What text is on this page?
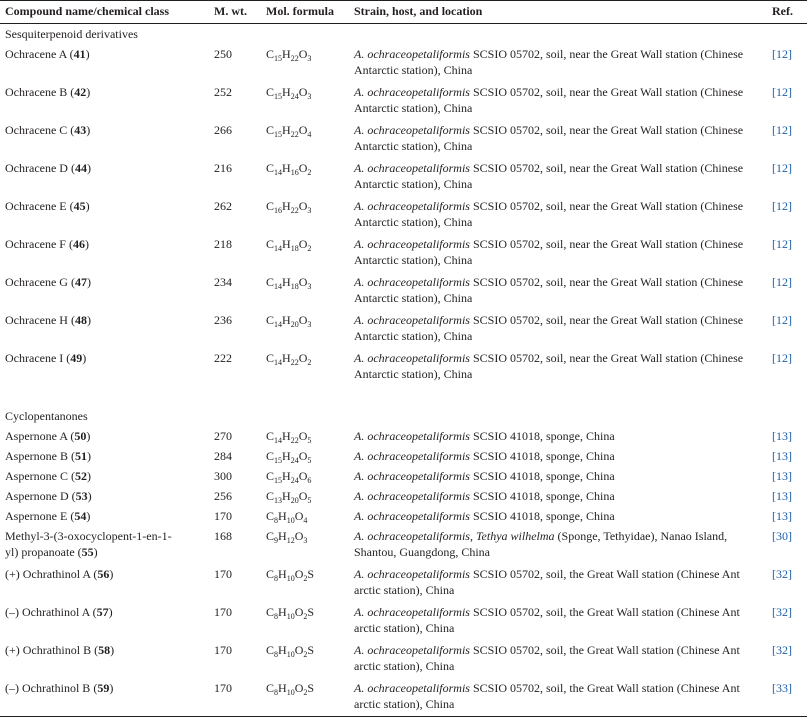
Compound name/chemical class	M. wt.	Mol. formula	Strain, host, and location	Ref.
Sesquiterpenoid derivatives				
Ochracene A (41)	250	$C_{15}H_{22}O_3$	A. ochraceopetaliformis SCSIO 05702, soil, near the Great Wall station (Chinese Antarctic station), China	[12]
Ochracene B (42)	252	$C_{15}H_{24}O_3$	A. ochraceopetaliformis SCSIO 05702, soil, near the Great Wall station (Chinese Antarctic station), China	[12]
Ochracene C (43)	266	$C_{15}H_{22}O_4$	A. ochraceopetaliformis SCSIO 05702, soil, near the Great Wall station (Chinese Antarctic station), China	[12]
Ochracene D (44)	216	$C_{14}H_{16}O_2$	A. ochraceopetaliformis SCSIO 05702, soil, near the Great Wall station (Chinese Antarctic station), China	[12]
Ochracene E (45)	262	$C_{16}H_{22}O_3$	A. ochraceopetaliformis SCSIO 05702, soil, near the Great Wall station (Chinese Antarctic station), China	[12]
Ochracene F (46)	218	$C_{14}H_{18}O_2$	A. ochraceopetaliformis SCSIO 05702, soil, near the Great Wall station (Chinese Antarctic station), China	[12]
Ochracene G (47)	234	$C_{14}H_{18}O_3$	A. ochraceopetaliformis SCSIO 05702, soil, near the Great Wall station (Chinese Antarctic station), China	[12]
Ochracene H (48)	236	$C_{14}H_{20}O_3$	A. ochraceopetaliformis SCSIO 05702, soil, near the Great Wall station (Chinese Antarctic station), China	[12]
Ochracene I (49)	222	$C_{14}H_{22}O_2$	A. ochraceopetaliformis SCSIO 05702, soil, near the Great Wall station (Chinese Antarctic station), China	[12]

Cyclopentanones				
Aspernone A (50)	270	$C_{14}H_{22}O_5$	A. ochraceopetaliformis SCSIO 41018, sponge, China	[13]
Aspernone B (51)	284	$C_{15}H_{24}O_5$	A. ochraceopetaliformis SCSIO 41018, sponge, China	[13]
Aspernone C (52)	300	$C_{15}H_{24}O_6$	A. ochraceopetaliformis SCSIO 41018, sponge, China	[13]
Aspernone D (53)	256	$C_{13}H_{20}O_5$	A. ochraceopetaliformis SCSIO 41018, sponge, China	[13]
Aspernone E (54)	170	$C_8H_{10}O_4$	A. ochraceopetaliformis SCSIO 41018, sponge, China	[13]
Methyl-3-(3-oxocyclopent-1-en-1-yl) propanoate (55)	168	$C_9H_{12}O_3$	A. ochraceopetaliformis, Tethya wilhelma (Sponge, Tethyidae), Nanao Island, Shantou, Guangdong, China	[30]
(+) Ochrathinol A (56)	170	$C_8H_{10}O_2S$	A. ochraceopetaliformis SCSIO 05702, soil, the Great Wall station (Chinese Ant arctic station), China	[32]
(–) Ochrathinol A (57)	170	$C_8H_{10}O_2S$	A. ochraceopetaliformis SCSIO 05702, soil, the Great Wall station (Chinese Ant arctic station), China	[32]
(+) Ochrathinol B (58)	170	$C_8H_{10}O_2S$	A. ochraceopetaliformis SCSIO 05702, soil, the Great Wall station (Chinese Ant arctic station), China	[32]
(–) Ochrathinol B (59)	170	$C_8H_{10}O_2S$	A. ochraceopetaliformis SCSIO 05702, soil, the Great Wall station (Chinese Ant arctic station), China	[33]
